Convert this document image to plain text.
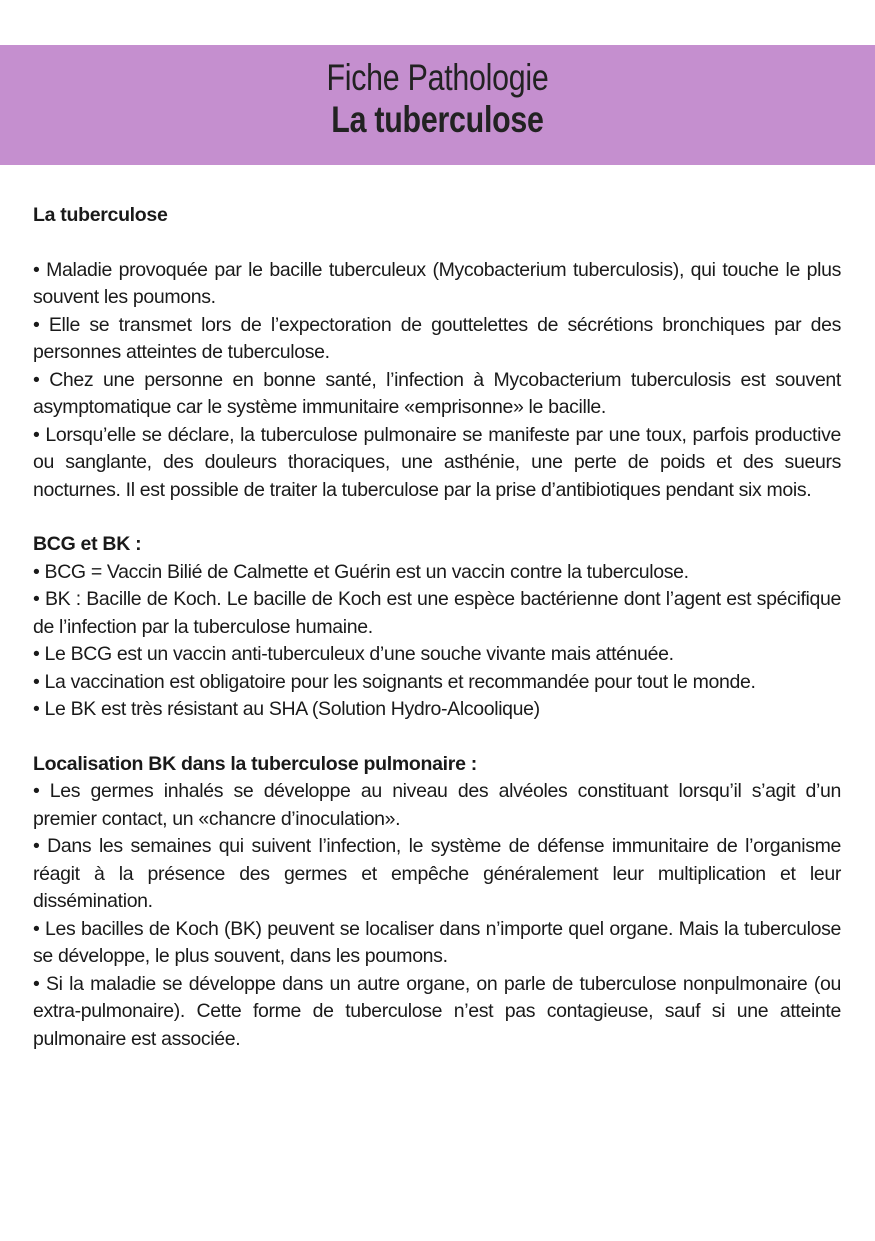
Fiche Pathologie
La tuberculose
La tuberculose

• Maladie provoquée par le bacille tuberculeux (Mycobacterium tuberculosis), qui touche le plus souvent les poumons.

• Elle se transmet lors de l’expectoration de gouttelettes de sécrétions bronchiques par des personnes atteintes de tuberculose.

• Chez une personne en bonne santé, l’infection à Mycobacterium tuberculosis est souvent asymptomatique car le système immunitaire «emprisonne» le bacille.

• Lorsqu’elle se déclare, la tuberculose pulmonaire se manifeste par une toux, parfois productive ou sanglante, des douleurs thoraciques, une asthénie, une perte de poids et des sueurs nocturnes. Il est possible de traiter la tuberculose par la prise d’antibiotiques pendant six mois.

BCG et BK :

• BCG = Vaccin Bilié de Calmette et Guérin est un vaccin contre la tuberculose.

• BK : Bacille de Koch. Le bacille de Koch est une espèce bactérienne dont l’agent est spécifique de l’infection par la tuberculose humaine.

• Le BCG est un vaccin anti-tuberculeux d’une souche vivante mais atténuée.

• La vaccination est obligatoire pour les soignants et recommandée pour tout le monde.

• Le BK est très résistant au SHA (Solution Hydro-Alcoolique)

Localisation BK dans la tuberculose pulmonaire :

• Les germes inhalés se développe au niveau des alvéoles constituant lorsqu’il s’agit d’un premier contact, un «chancre d’inoculation».

• Dans les semaines qui suivent l’infection, le système de défense immunitaire de l’organisme réagit à la présence des germes et empêche généralement leur multiplication et leur dissémination.

• Les bacilles de Koch (BK) peuvent se localiser dans n’importe quel organe. Mais la tuberculose se développe, le plus souvent, dans les poumons.

• Si la maladie se développe dans un autre organe, on parle de tuberculose nonpulmonaire (ou extra-pulmonaire). Cette forme de tuberculose n’est pas contagieuse, sauf si une atteinte pulmonaire est associée.
